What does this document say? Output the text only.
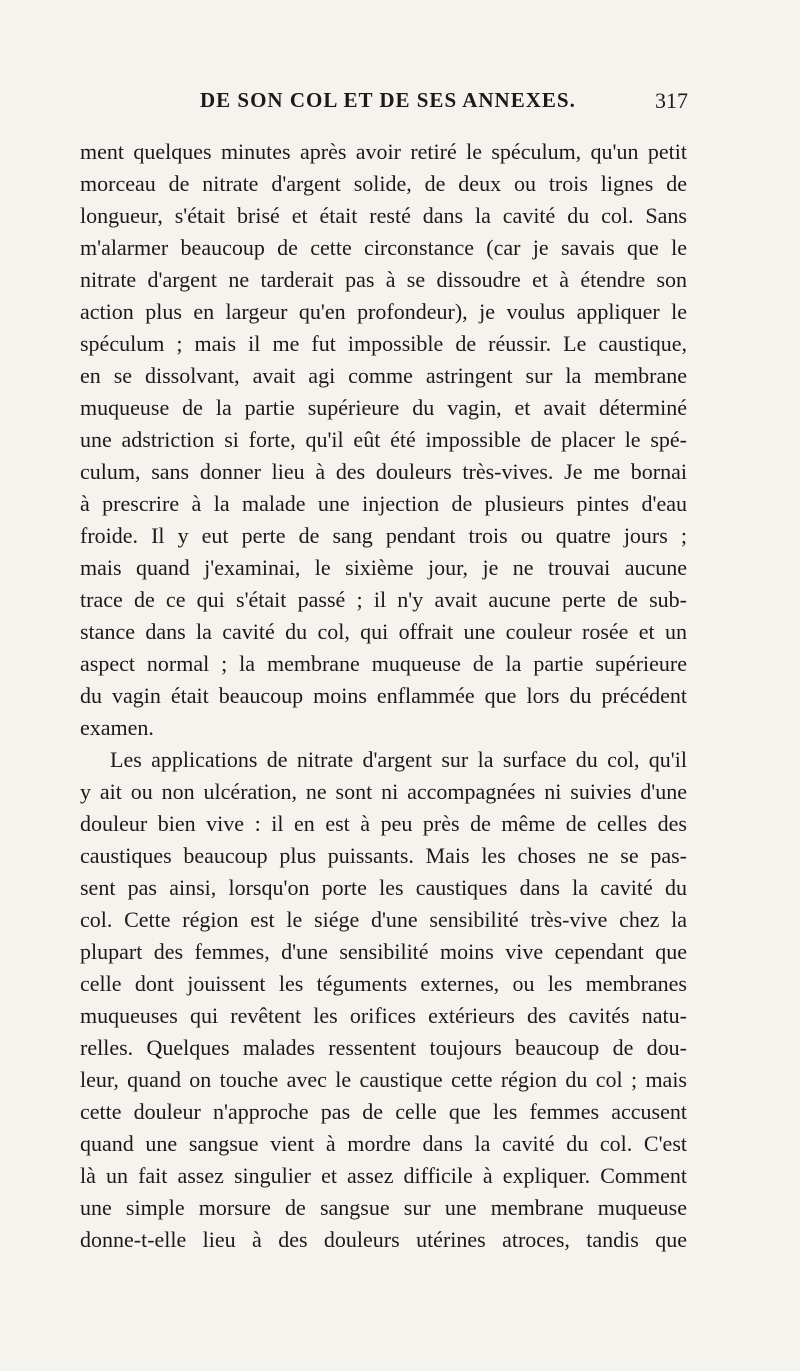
DE SON COL ET DE SES ANNEXES.	317
ment quelques minutes après avoir retiré le spéculum, qu'un petit
morceau de nitrate d'argent solide, de deux ou trois lignes de
longueur, s'était brisé et était resté dans la cavité du col. Sans
m'alarmer beaucoup de cette circonstance (car je savais que le
nitrate d'argent ne tarderait pas à se dissoudre et à étendre son
action plus en largeur qu'en profondeur), je voulus appliquer le
spéculum ; mais il me fut impossible de réussir. Le caustique,
en se dissolvant, avait agi comme astringent sur la membrane
muqueuse de la partie supérieure du vagin, et avait déterminé
une adstriction si forte, qu'il eût été impossible de placer le spé-
culum, sans donner lieu à des douleurs très-vives. Je me bornai
à prescrire à la malade une injection de plusieurs pintes d'eau
froide. Il y eut perte de sang pendant trois ou quatre jours ;
mais quand j'examinai, le sixième jour, je ne trouvai aucune
trace de ce qui s'était passé ; il n'y avait aucune perte de sub-
stance dans la cavité du col, qui offrait une couleur rosée et un
aspect normal ; la membrane muqueuse de la partie supérieure
du vagin était beaucoup moins enflammée que lors du précédent
examen.
Les applications de nitrate d'argent sur la surface du col, qu'il
y ait ou non ulcération, ne sont ni accompagnées ni suivies d'une
douleur bien vive : il en est à peu près de même de celles des
caustiques beaucoup plus puissants. Mais les choses ne se pas-
sent pas ainsi, lorsqu'on porte les caustiques dans la cavité du
col. Cette région est le siége d'une sensibilité très-vive chez la
plupart des femmes, d'une sensibilité moins vive cependant que
celle dont jouissent les téguments externes, ou les membranes
muqueuses qui revêtent les orifices extérieurs des cavités natu-
relles. Quelques malades ressentent toujours beaucoup de dou-
leur, quand on touche avec le caustique cette région du col ; mais
cette douleur n'approche pas de celle que les femmes accusent
quand une sangsue vient à mordre dans la cavité du col. C'est
là un fait assez singulier et assez difficile à expliquer. Comment
une simple morsure de sangsue sur une membrane muqueuse
donne-t-elle lieu à des douleurs utérines atroces, tandis que
